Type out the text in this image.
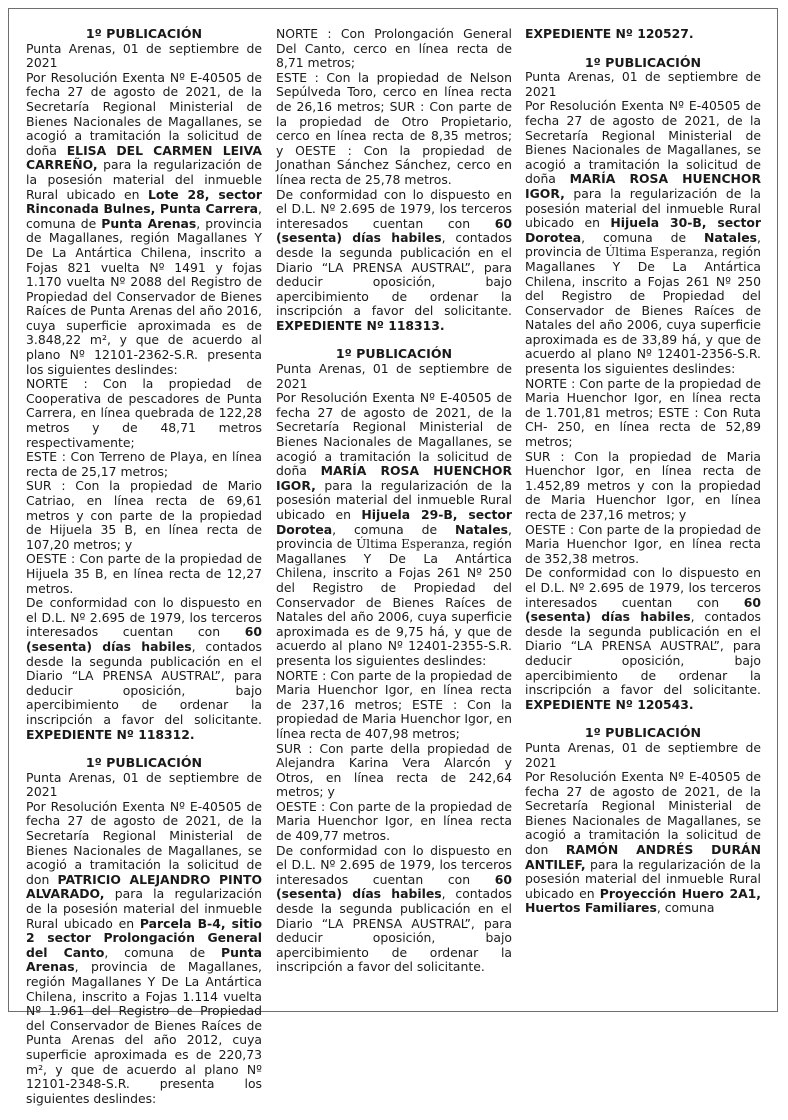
1º PUBLICACIÓN

Punta Arenas, 01 de septiembre de 2021
Por Resolución Exenta Nº E-40505 de fecha 27 de agosto de 2021, de la Secretaría Regional Ministerial de Bienes Nacionales de Magallanes, se acogió a tramitación la solicitud de doña ELISA DEL CARMEN LEIVA CARREÑO, para la regularización de la posesión material del inmueble Rural ubicado en Lote 28, sector Rinconada Bulnes, Punta Carrera, comuna de Punta Arenas, provincia de Magallanes, región Magallanes Y De La Antártica Chilena, inscrito a Fojas 821 vuelta Nº 1491 y fojas 1.170 vuelta Nº 2088 del Registro de Propiedad del Conservador de Bienes Raíces de Punta Arenas del año 2016, cuya superficie aproximada es de 3.848,22 m², y que de acuerdo al plano Nº 12101-2362-S.R. presenta los siguientes deslindes:

NORTE : Con la propiedad de Cooperativa de pescadores de Punta Carrera, en línea quebrada de 122,28 metros y de 48,71 metros respectivamente;

ESTE : Con Terreno de Playa, en línea recta de 25,17 metros;

SUR : Con la propiedad de Mario Catriao, en línea recta de 69,61 metros y con parte de la propiedad de Hijuela 35 B, en línea recta de 107,20 metros; y

OESTE : Con parte de la propiedad de Hijuela 35 B, en línea recta de 12,27 metros.

De conformidad con lo dispuesto en el D.L. Nº 2.695 de 1979, los terceros interesados cuentan con 60 (sesenta) días habiles, contados desde la segunda publicación en el Diario “LA PRENSA AUSTRAL”, para deducir oposición, bajo apercibimiento de ordenar la inscripción a favor del solicitante. EXPEDIENTE Nº 118312.

1º PUBLICACIÓN

Punta Arenas, 01 de septiembre de 2021
Por Resolución Exenta Nº E-40505 de fecha 27 de agosto de 2021, de la Secretaría Regional Ministerial de Bienes Nacionales de Magallanes, se acogió a tramitación la solicitud de don PATRICIO ALEJANDRO PINTO ALVARADO, para la regularización de la posesión material del inmueble Rural ubicado en Parcela B-4, sitio 2 sector Prolongación General del Canto, comuna de Punta Arenas, provincia de Magallanes, región Magallanes Y De La Antártica Chilena, inscrito a Fojas 1.114 vuelta Nº 1.961 del Registro de Propiedad del Conservador de Bienes Raíces de Punta Arenas del año 2012, cuya superficie aproximada es de 220,73 m², y que de acuerdo al plano Nº 12101-2348-S.R. presenta los siguientes deslindes:

NORTE : Con Prolongación General Del Canto, cerco en línea recta de 8,71 metros;

ESTE : Con la propiedad de Nelson Sepúlveda Toro, cerco en línea recta de 26,16 metros; SUR : Con parte de la propiedad de Otro Propietario, cerco en línea recta de 8,35 metros; y OESTE : Con la propiedad de Jonathan Sánchez Sánchez, cerco en línea recta de 25,78 metros.

De conformidad con lo dispuesto en el D.L. Nº 2.695 de 1979, los terceros interesados cuentan con 60 (sesenta) días habiles, contados desde la segunda publicación en el Diario “LA PRENSA AUSTRAL”, para deducir oposición, bajo apercibimiento de ordenar la inscripción a favor del solicitante. EXPEDIENTE Nº 118313.

1º PUBLICACIÓN

Punta Arenas, 01 de septiembre de 2021
Por Resolución Exenta Nº E-40505 de fecha 27 de agosto de 2021, de la Secretaría Regional Ministerial de Bienes Nacionales de Magallanes, se acogió a tramitación la solicitud de doña MARÍA ROSA HUENCHOR IGOR, para la regularización de la posesión material del inmueble Rural ubicado en Hijuela 29-B, sector Dorotea, comuna de Natales, provincia de Última Esperanza, región Magallanes Y De La Antártica Chilena, inscrito a Fojas 261 Nº 250 del Registro de Propiedad del Conservador de Bienes Raíces de Natales del año 2006, cuya superficie aproximada es de 9,75 há, y que de acuerdo al plano Nº 12401-2355-S.R. presenta los siguientes deslindes:

NORTE : Con parte de la propiedad de Maria Huenchor Igor, en línea recta de 237,16 metros; ESTE : Con la propiedad de Maria Huenchor Igor, en línea recta de 407,98 metros;

SUR : Con parte della propiedad de Alejandra Karina Vera Alarcón y Otros, en línea recta de 242,64 metros; y

OESTE : Con parte de la propiedad de Maria Huenchor Igor, en línea recta de 409,77 metros.

De conformidad con lo dispuesto en el D.L. Nº 2.695 de 1979, los terceros interesados cuentan con 60 (sesenta) días habiles, contados desde la segunda publicación en el Diario “LA PRENSA AUSTRAL”, para deducir oposición, bajo apercibimiento de ordenar la inscripción a favor del solicitante.

EXPEDIENTE Nº 120527.

1º PUBLICACIÓN

Punta Arenas, 01 de septiembre de 2021
Por Resolución Exenta Nº E-40505 de fecha 27 de agosto de 2021, de la Secretaría Regional Ministerial de Bienes Nacionales de Magallanes, se acogió a tramitación la solicitud de doña MARÍA ROSA HUENCHOR IGOR, para la regularización de la posesión material del inmueble Rural ubicado en Hijuela 30-B, sector Dorotea, comuna de Natales, provincia de Última Esperanza, región Magallanes Y De La Antártica Chilena, inscrito a Fojas 261 Nº 250 del Registro de Propiedad del Conservador de Bienes Raíces de Natales del año 2006, cuya superficie aproximada es de 33,89 há, y que de acuerdo al plano Nº 12401-2356-S.R. presenta los siguientes deslindes:

NORTE : Con parte de la propiedad de Maria Huenchor Igor, en línea recta de 1.701,81 metros; ESTE : Con Ruta CH- 250, en línea recta de 52,89 metros;

SUR : Con la propiedad de Maria Huenchor Igor, en línea recta de 1.452,89 metros y con la propiedad de Maria Huenchor Igor, en línea recta de 237,16 metros; y

OESTE : Con parte de la propiedad de Maria Huenchor Igor, en línea recta de 352,38 metros.

De conformidad con lo dispuesto en el D.L. Nº 2.695 de 1979, los terceros interesados cuentan con 60 (sesenta) días habiles, contados desde la segunda publicación en el Diario “LA PRENSA AUSTRAL”, para deducir oposición, bajo apercibimiento de ordenar la inscripción a favor del solicitante. EXPEDIENTE Nº 120543.

1º PUBLICACIÓN

Punta Arenas, 01 de septiembre de 2021
Por Resolución Exenta Nº E-40505 de fecha 27 de agosto de 2021, de la Secretaría Regional Ministerial de Bienes Nacionales de Magallanes, se acogió a tramitación la solicitud de don RAMÓN ANDRÉS DURÁN ANTILEF, para la regularización de la posesión material del inmueble Rural ubicado en Proyección Huero 2A1, Huertos Familiares, comuna
